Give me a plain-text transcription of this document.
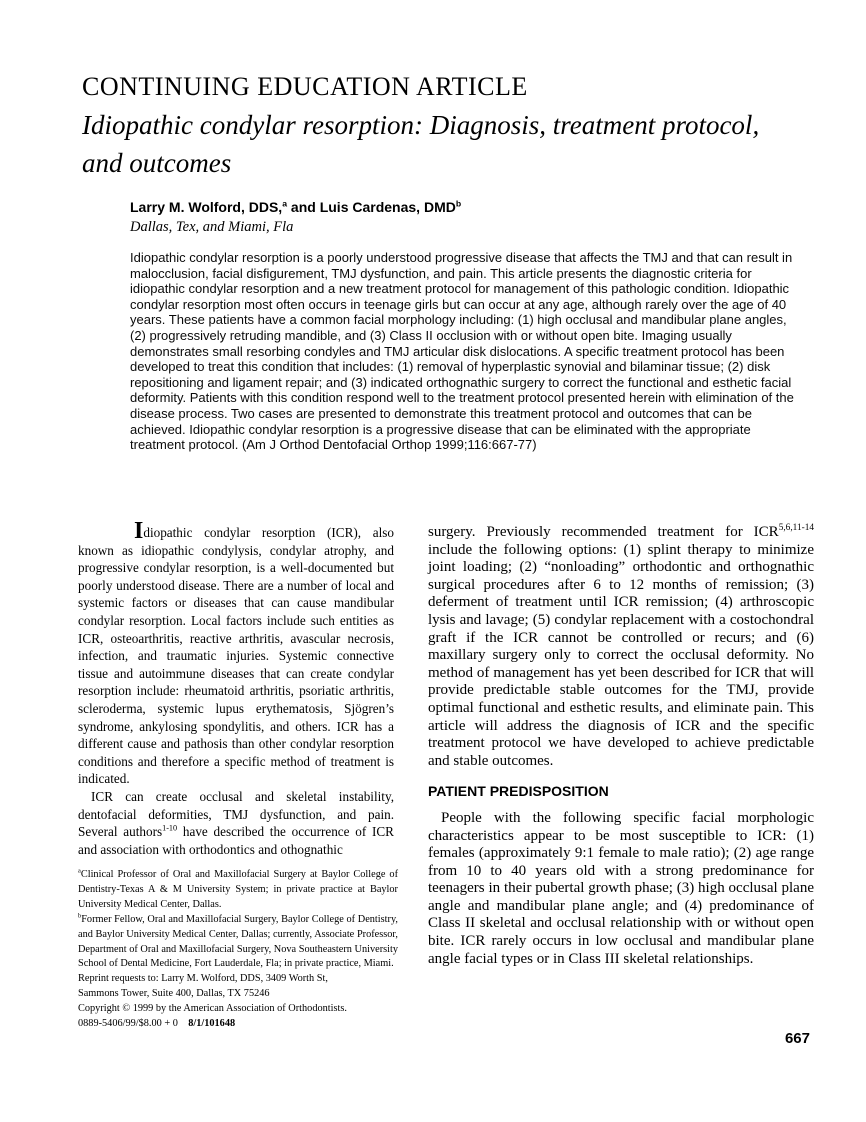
CONTINUING EDUCATION ARTICLE
Idiopathic condylar resorption: Diagnosis, treatment protocol,
and outcomes
Larry M. Wolford, DDS,$^a$ and Luis Cardenas, DMD$^b$
Dallas, Tex, and Miami, Fla
Idiopathic condylar resorption is a poorly understood progressive disease that affects the TMJ and that can result in malocclusion, facial disfigurement, TMJ dysfunction, and pain. This article presents the diagnostic criteria for idiopathic condylar resorption and a new treatment protocol for management of this pathologic condition. Idiopathic condylar resorption most often occurs in teenage girls but can occur at any age, although rarely over the age of 40 years. These patients have a common facial morphology including: (1) high occlusal and mandibular plane angles, (2) progressively retruding mandible, and (3) Class II occlusion with or without open bite. Imaging usually demonstrates small resorbing condyles and TMJ articular disk dislocations. A specific treatment protocol has been developed to treat this condition that includes: (1) removal of hyperplastic synovial and bilaminar tissue; (2) disk repositioning and ligament repair; and (3) indicated orthognathic surgery to correct the functional and esthetic facial deformity. Patients with this condition respond well to the treatment protocol presented herein with elimination of the disease process. Two cases are presented to demonstrate this treatment protocol and outcomes that can be achieved. Idiopathic condylar resorption is a progressive disease that can be eliminated with the appropriate treatment protocol. (Am J Orthod Dentofacial Orthop 1999;116:667-77)

Idiopathic condylar resorption (ICR), also known as idiopathic condylysis, condylar atrophy, and progressive condylar resorption, is a well-documented but poorly understood disease. There are a number of local and systemic factors or diseases that can cause mandibular condylar resorption. Local factors include such entities as ICR, osteoarthritis, reactive arthritis, avascular necrosis, infection, and traumatic injuries. Systemic connective tissue and autoimmune diseases that can create condylar resorption include: rheumatoid arthritis, psoriatic arthritis, scleroderma, systemic lupus erythematosis, Sjögren’s syndrome, ankylosing spondylitis, and others. ICR has a different cause and pathosis than other condylar resorption conditions and therefore a specific method of treatment is indicated.

ICR can create occlusal and skeletal instability, dentofacial deformities, TMJ dysfunction, and pain. Several authors$^{1-10}$ have described the occurrence of ICR and association with orthodontics and othognathic

surgery. Previously recommended treatment for ICR$^{5,6,11-14}$ include the following options: (1) splint therapy to minimize joint loading; (2) “nonloading” orthodontic and orthognathic surgical procedures after 6 to 12 months of remission; (3) deferment of treatment until ICR remission; (4) arthroscopic lysis and lavage; (5) condylar replacement with a costochondral graft if the ICR cannot be controlled or recurs; and (6) maxillary surgery only to correct the occlusal deformity. No method of management has yet been described for ICR that will provide predictable stable outcomes for the TMJ, provide optimal functional and esthetic results, and eliminate pain. This article will address the diagnosis of ICR and the specific treatment protocol we have developed to achieve predictable and stable outcomes.

PATIENT PREDISPOSITION

People with the following specific facial morphologic characteristics appear to be most susceptible to ICR: (1) females (approximately 9:1 female to male ratio); (2) age range from 10 to 40 years old with a strong predominance for teenagers in their pubertal growth phase; (3) high occlusal plane angle and mandibular plane angle; and (4) predominance of Class II skeletal and occlusal relationship with or without open bite. ICR rarely occurs in low occlusal and mandibular plane angle facial types or in Class III skeletal relationships.

$^a$Clinical Professor of Oral and Maxillofacial Surgery at Baylor College of Dentistry-Texas A & M University System; in private practice at Baylor University Medical Center, Dallas.

$^b$Former Fellow, Oral and Maxillofacial Surgery, Baylor College of Dentistry, and Baylor University Medical Center, Dallas; currently, Associate Professor, Department of Oral and Maxillofacial Surgery, Nova Southeastern University School of Dental Medicine, Fort Lauderdale, Fla; in private practice, Miami.

Reprint requests to: Larry M. Wolford, DDS, 3409 Worth St,

Sammons Tower, Suite 400, Dallas, TX 75246

Copyright © 1999 by the American Association of Orthodontists.

0889-5406/99/$8.00 + 0  8/1/101648

667
